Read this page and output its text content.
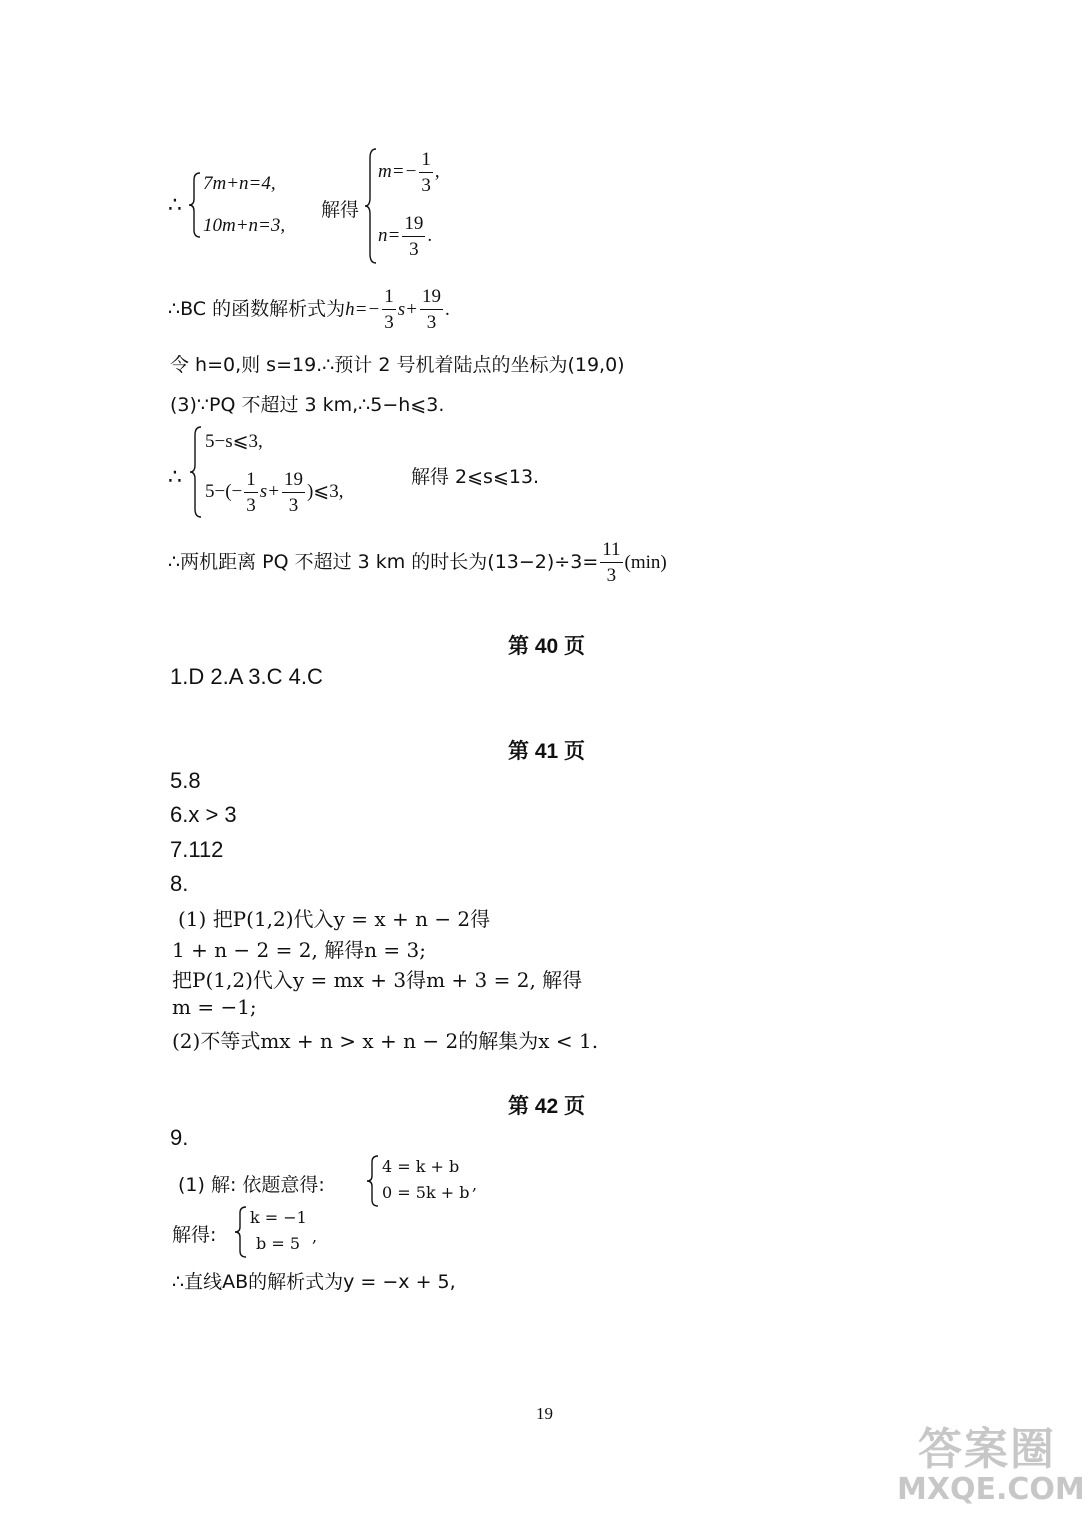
∴
7m+n=4,
10m+n=3,
解得
$m=- \frac{1}{3}$ ,
$n= \frac{19}{3}$ .
∴BC 的函数解析式为$h=- \frac{1}{3} s+ \frac{19}{3}$ .
令 h=0,则 s=19.∴预计 2 号机着陆点的坐标为(19,0)
(3)∵PQ 不超过 3 km,∴5−h⩽3.
∴
5−s⩽3,
$5-(- \frac{1}{3} s+ \frac{19}{3}$ )⩽3,
解得 2⩽s⩽13.
∴两机距离 PQ 不超过 3 km 的时长为$(13-2)\div 3= \frac{11}{3} (\min)$
第 40 页
1.D 2.A 3.C 4.C
第 41 页
5.8
6.x > 3
7.112
8.
(1) 把P(1,2)代入y = x + n − 2得
1 + n − 2 = 2, 解得n = 3;
把P(1,2)代入y = mx + 3得m + 3 = 2, 解得
m = −1;
(2)不等式mx + n > x + n − 2的解集为x < 1.
第 42 页
9.
(1) 解: 依题意得:
4 = k + b
0 = 5k + b ,
解得:
k = −1
b = 5 ,
∴直线AB的解析式为y = −x + 5,
19
答案圈
MXQE.COM
